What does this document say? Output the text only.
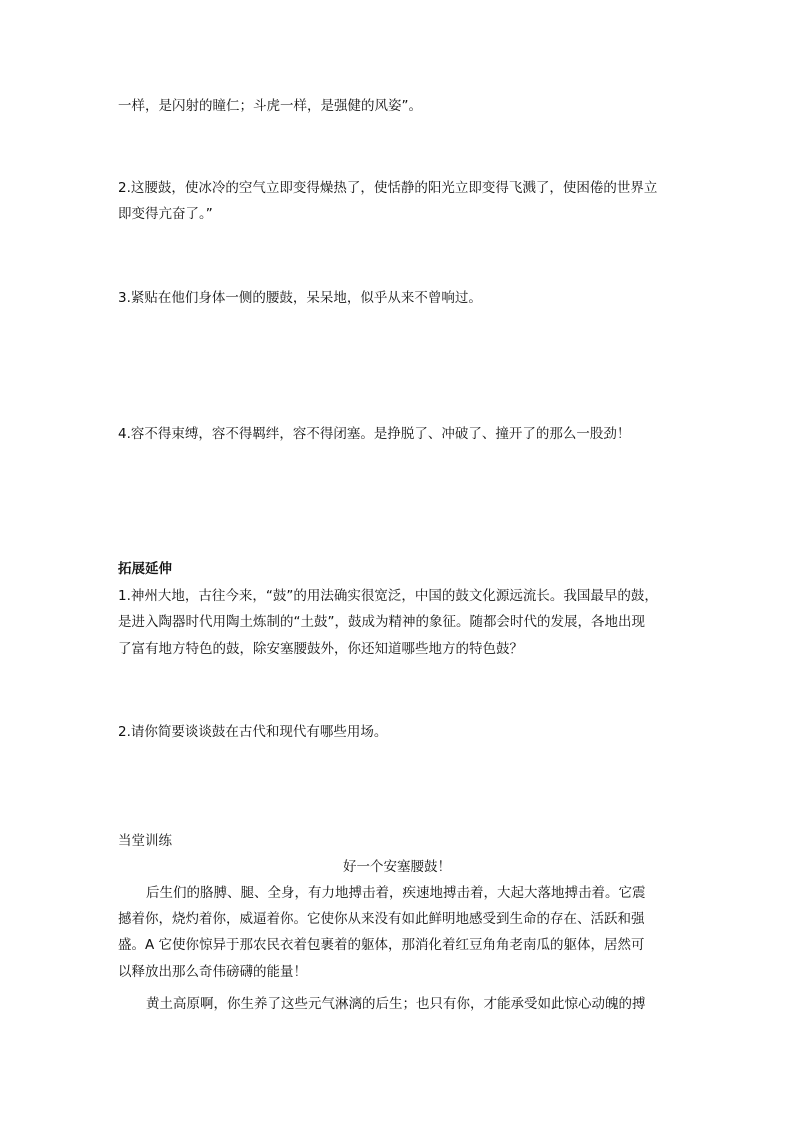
一样，是闪射的瞳仁；斗虎一样，是强健的风姿”。
2.这腰鼓，使冰冷的空气立即变得燥热了，使恬静的阳光立即变得飞溅了，使困倦的世界立
即变得亢奋了。”
3.紧贴在他们身体一侧的腰鼓，呆呆地，似乎从来不曾响过。
4.容不得束缚，容不得羁绊，容不得闭塞。是挣脱了、冲破了、撞开了的那么一股劲！
拓展延伸
1.神州大地，古往今来，“鼓”的用法确实很宽泛，中国的鼓文化源远流长。我国最早的鼓，
是进入陶器时代用陶土炼制的“土鼓”，鼓成为精神的象征。随都会时代的发展，各地出现
了富有地方特色的鼓，除安塞腰鼓外，你还知道哪些地方的特色鼓？
2.请你简要谈谈鼓在古代和现代有哪些用场。
当堂训练
好一个安塞腰鼓！
后生们的胳膊、腿、全身，有力地搏击着，疾速地搏击着，大起大落地搏击着。它震
撼着你，烧灼着你，威逼着你。它使你从来没有如此鲜明地感受到生命的存在、活跃和强
盛。A 它使你惊异于那农民衣着包裹着的躯体，那消化着红豆角角老南瓜的躯体，居然可
以释放出那么奇伟磅礴的能量！
黄土高原啊，你生养了这些元气淋漓的后生；也只有你，才能承受如此惊心动魄的搏
